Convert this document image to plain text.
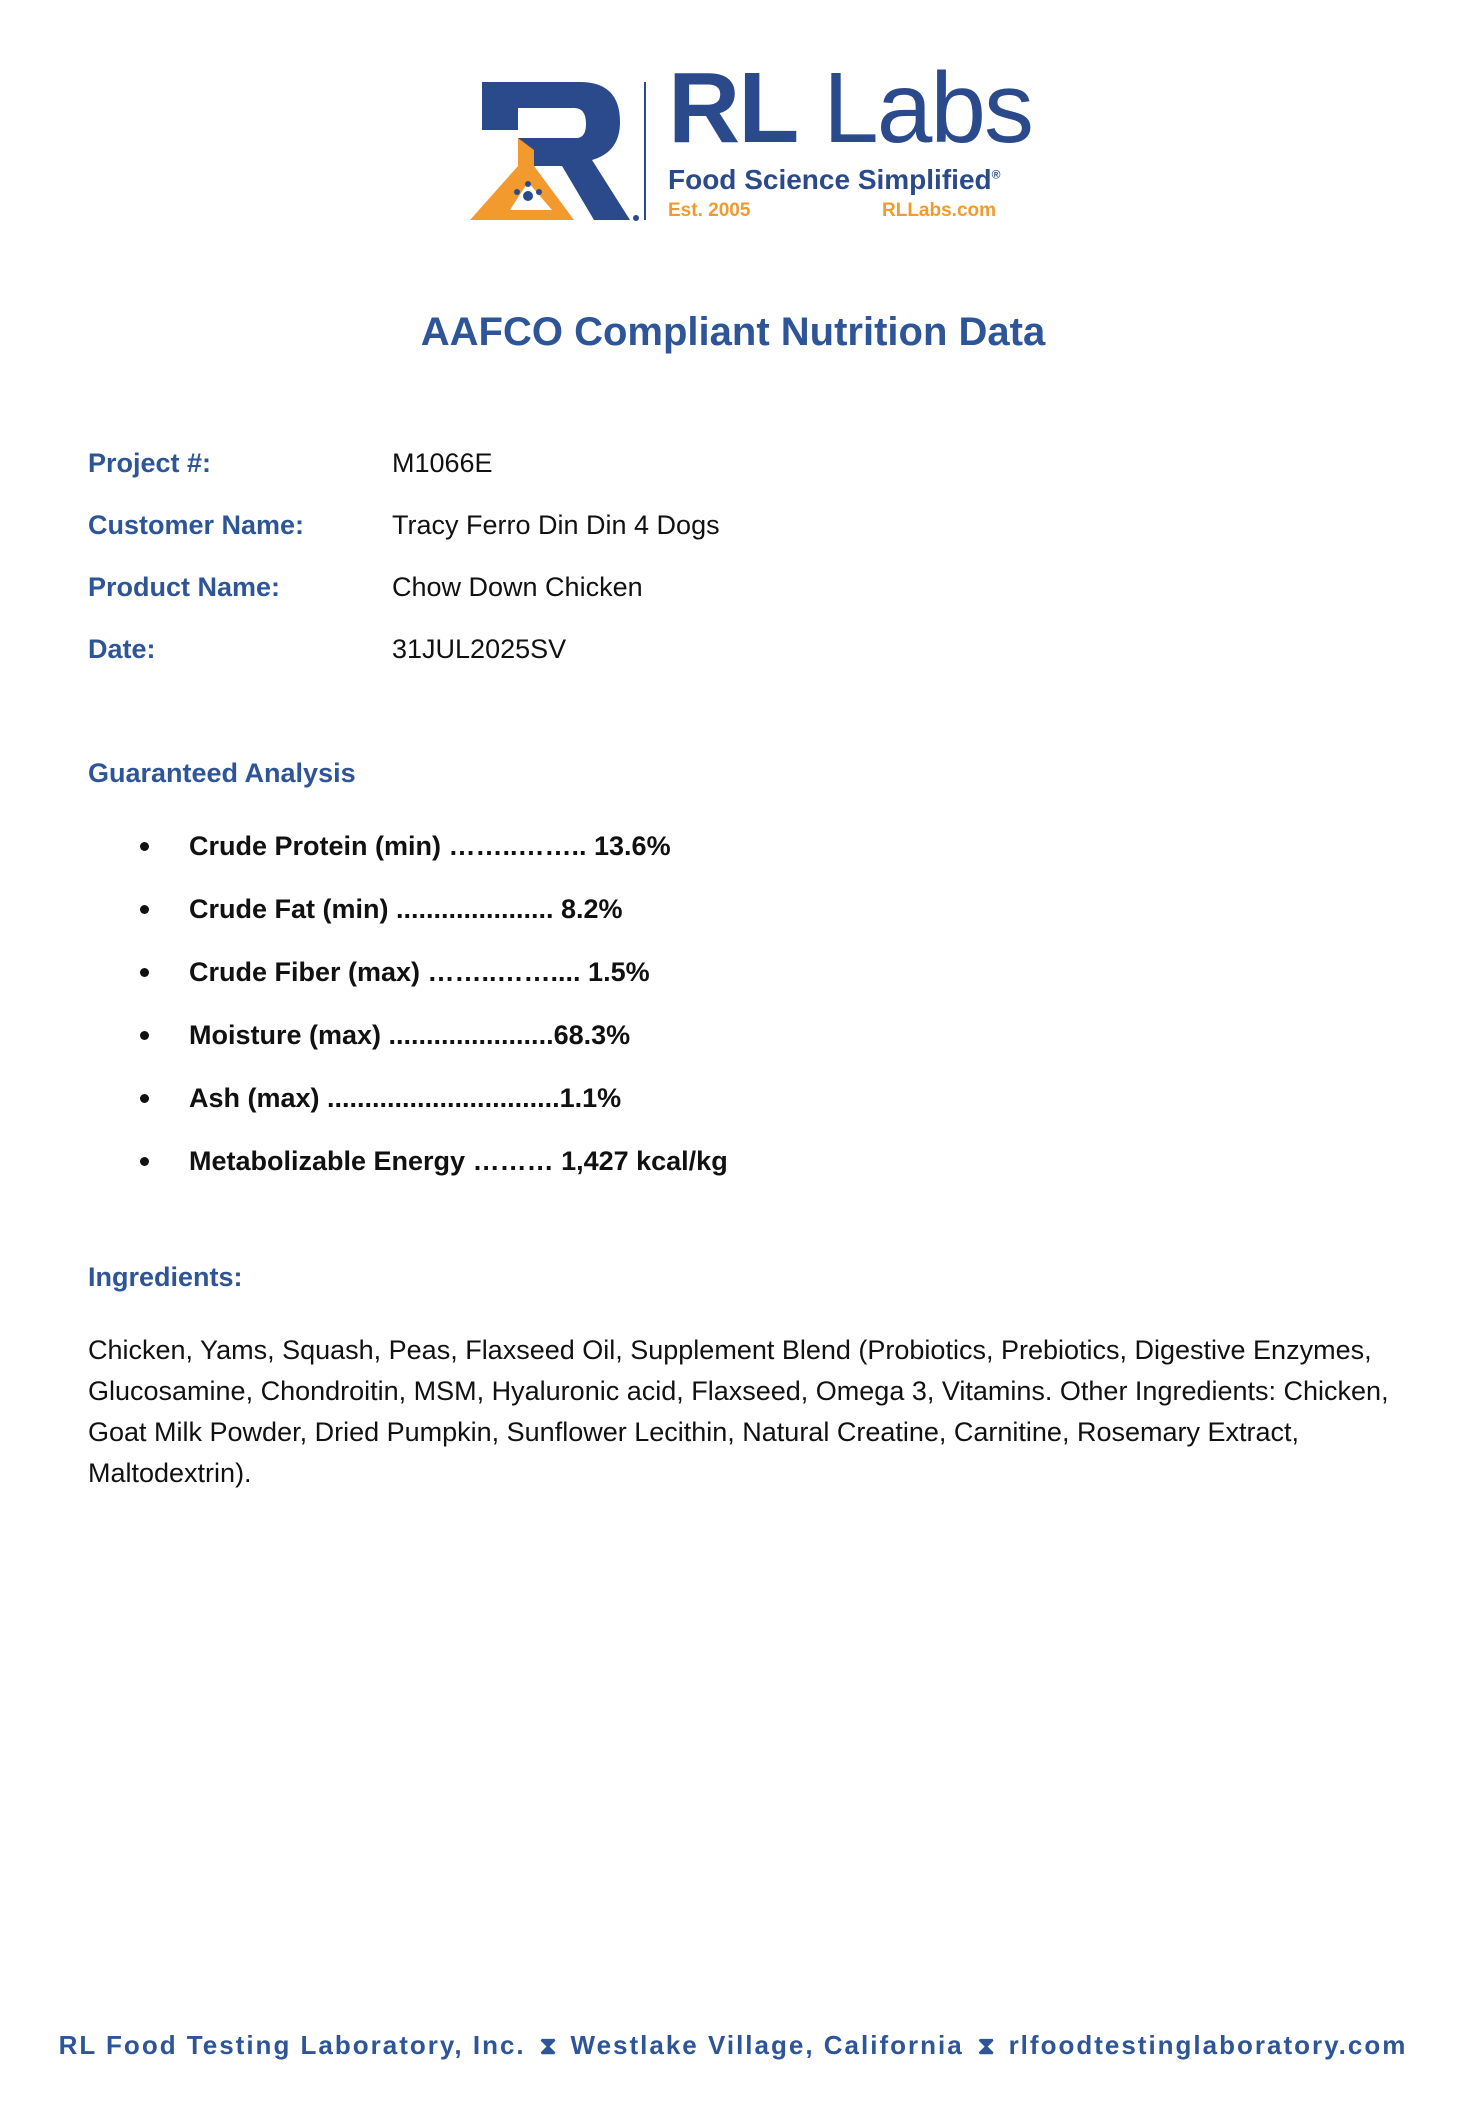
RL Labs
Food Science Simplified®
Est. 2005	RLLabs.com
AAFCO Compliant Nutrition Data
Project #:	M1066E
Customer Name:	Tracy Ferro Din Din 4 Dogs
Product Name:	Chow Down Chicken
Date:	31JUL2025SV
Guaranteed Analysis
Crude Protein (min) ……..…….. 13.6%
Crude Fat (min) ..................... 8.2%
Crude Fiber (max) ……..…….... 1.5%
Moisture (max) ......................68.3%
Ash (max) ...............................1.1%
Metabolizable Energy ……… 1,427 kcal/kg
Ingredients:
Chicken, Yams, Squash, Peas, Flaxseed Oil, Supplement Blend (Probiotics, Prebiotics, Digestive Enzymes, Glucosamine, Chondroitin, MSM, Hyaluronic acid, Flaxseed, Omega 3, Vitamins. Other Ingredients: Chicken, Goat Milk Powder, Dried Pumpkin, Sunflower Lecithin, Natural Creatine, Carnitine, Rosemary Extract, Maltodextrin).
RL Food Testing Laboratory, Inc. ⧗ Westlake Village, California ⧗ rlfoodtestinglaboratory.com
